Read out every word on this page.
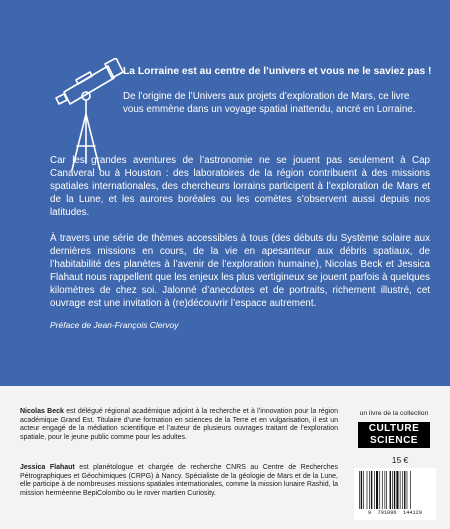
La Lorraine est au centre de l’univers et vous ne le saviez pas !

De l’origine de l’Univers aux projets d’exploration de Mars, ce livre vous emmène dans un voyage spatial inattendu, ancré en Lorraine.

Car les grandes aventures de l’astronomie ne se jouent pas seulement à Cap Canaveral ou à Houston : des laboratoires de la région contribuent à des missions spatiales internationales, des chercheurs lorrains participent à l’exploration de Mars et de la Lune, et les aurores boréales ou les comètes s’observent aussi depuis nos latitudes.

À travers une série de thèmes accessibles à tous (des débuts du Système solaire aux dernières missions en cours, de la vie en apesanteur aux débris spatiaux, de l’habitabilité des planètes à l’avenir de l’exploration humaine), Nicolas Beck et Jessica Flahaut nous rappellent que les enjeux les plus vertigineux se jouent parfois à quelques kilomètres de chez soi. Jalonné d’anecdotes et de portraits, richement illustré, cet ouvrage est une invitation à (re)découvrir l’espace autrement.

Préface de Jean-François Clervoy

Nicolas Beck est délégué régional académique adjoint à la recherche et à l’innovation pour la région académique Grand Est. Titulaire d’une formation en sciences de la Terre et en vulgarisation, il est un acteur engagé de la médiation scientifique et l’auteur de plusieurs ouvrages traitant de l’exploration spatiale, pour le jeune public comme pour les adultes.

Jessica Flahaut est planétologue et chargée de recherche CNRS au Centre de Recherches Pétrographiques et Géochimiques (CRPG) à Nancy. Spécialiste de la géologie de Mars et de la Lune, elle participe à de nombreuses missions spatiales internationales, comme la mission lunaire Rashid, la mission hermèenne BepiColombo ou le rover martien Curiosity.

un livre de la collection
CULTURE
SCIENCE
15 €
9 791096 144129
